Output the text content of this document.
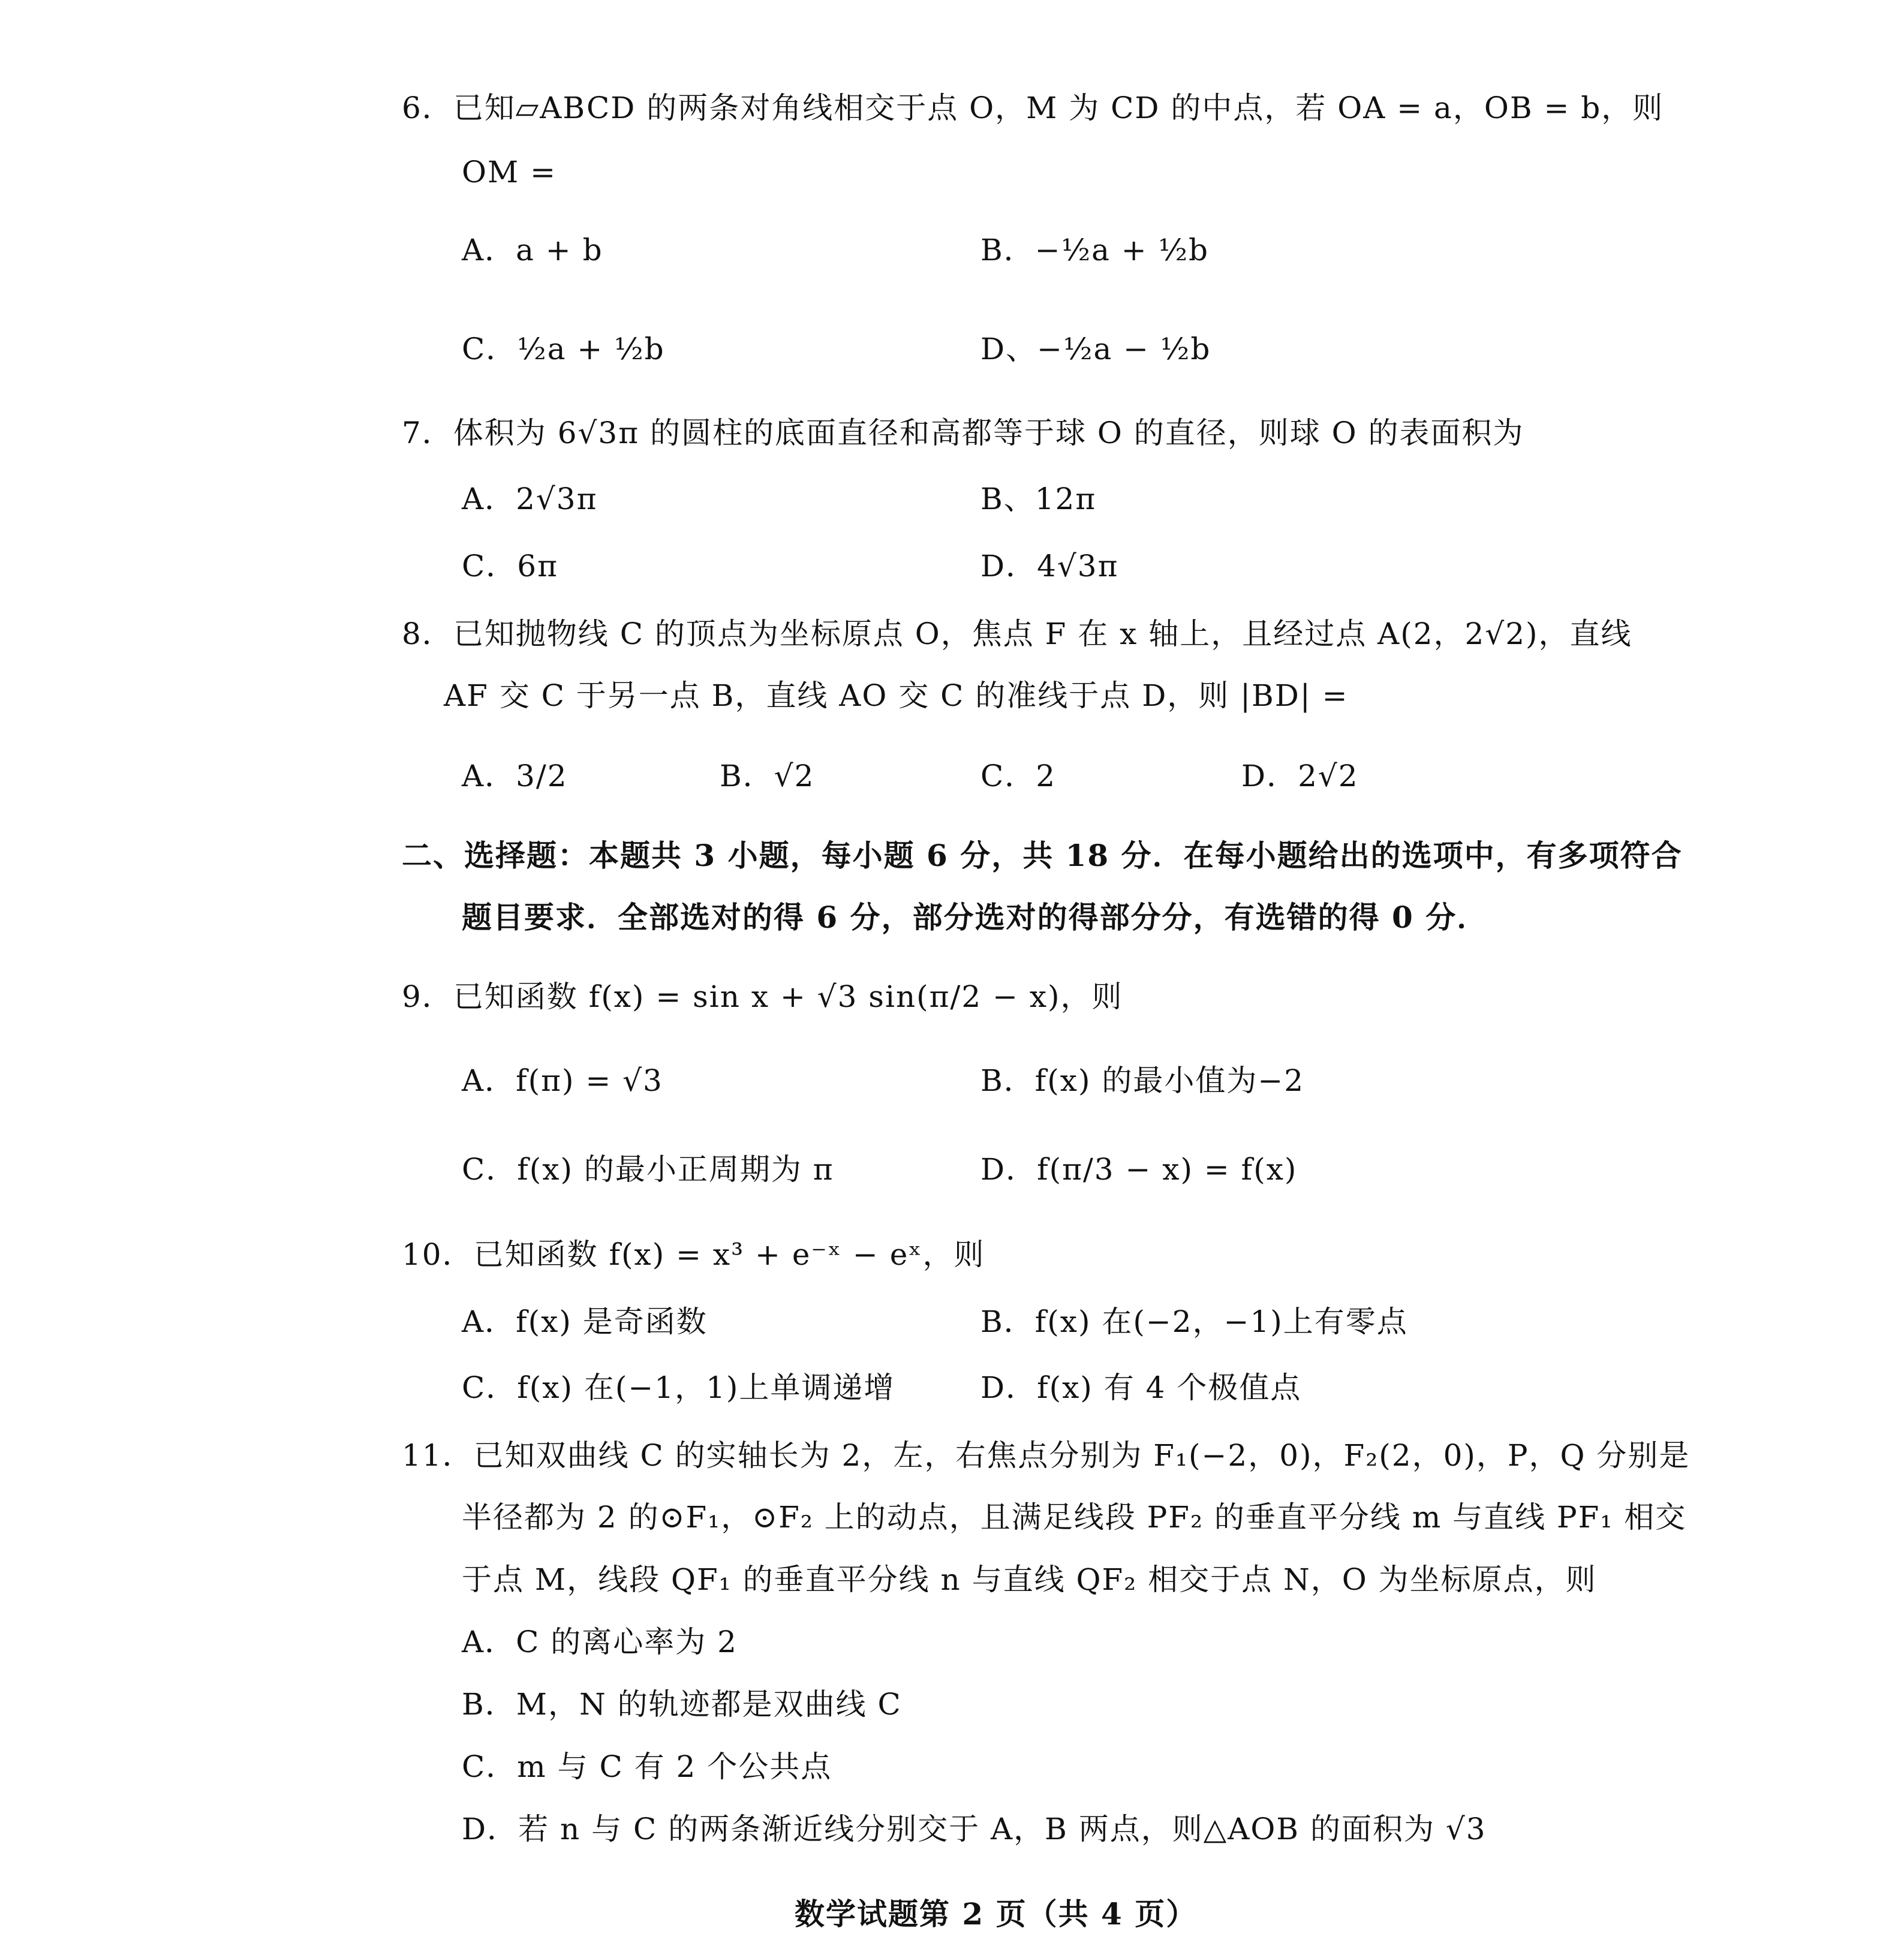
6．已知▱ABCD 的两条对角线相交于点 O，M 为 CD 的中点，若 OA = a，OB = b，则
OM =
A．a + b	B．−½a + ½b
C．½a + ½b	D、−½a − ½b
7．体积为 6√3π 的圆柱的底面直径和高都等于球 O 的直径，则球 O 的表面积为
A．2√3π	B、12π
C．6π	D．4√3π
8．已知抛物线 C 的顶点为坐标原点 O，焦点 F 在 x 轴上，且经过点 A(2，2√2)，直线
AF 交 C 于另一点 B，直线 AO 交 C 的准线于点 D，则 |BD| =
A．3/2	B．√2	C．2	D．2√2
二、选择题：本题共 3 小题，每小题 6 分，共 18 分．在每小题给出的选项中，有多项符合
题目要求．全部选对的得 6 分，部分选对的得部分分，有选错的得 0 分．
9．已知函数 f(x) = sin x + √3 sin(π/2 − x)，则
A．f(π) = √3	B．f(x) 的最小值为−2
C．f(x) 的最小正周期为 π	D．f(π/3 − x) = f(x)
10．已知函数 f(x) = x³ + e⁻ˣ − eˣ，则
A．f(x) 是奇函数	B．f(x) 在(−2，−1)上有零点
C．f(x) 在(−1，1)上单调递增	D．f(x) 有 4 个极值点
11．已知双曲线 C 的实轴长为 2，左，右焦点分别为 F₁(−2，0)，F₂(2，0)，P，Q 分别是
半径都为 2 的⊙F₁，⊙F₂ 上的动点，且满足线段 PF₂ 的垂直平分线 m 与直线 PF₁ 相交
于点 M，线段 QF₁ 的垂直平分线 n 与直线 QF₂ 相交于点 N，O 为坐标原点，则
A．C 的离心率为 2
B．M，N 的轨迹都是双曲线 C
C．m 与 C 有 2 个公共点
D．若 n 与 C 的两条渐近线分别交于 A，B 两点，则△AOB 的面积为 √3
数学试题第 2 页（共 4 页）
